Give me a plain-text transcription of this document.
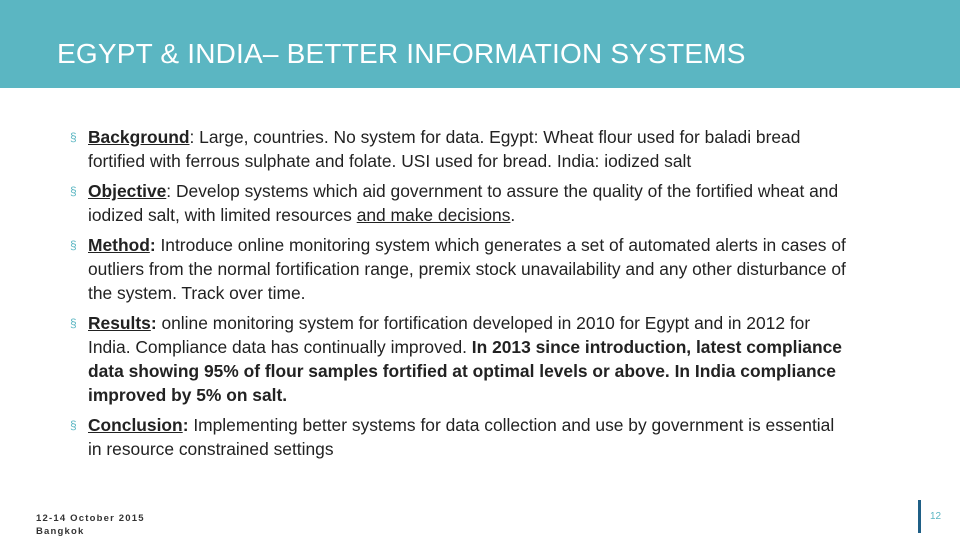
EGYPT & INDIA– BETTER INFORMATION SYSTEMS
§ Background: Large, countries. No system for data. Egypt: Wheat flour used for baladi bread fortified with ferrous sulphate and folate. USI used for bread. India: iodized salt
§ Objective: Develop systems which aid government to assure the quality of the fortified wheat and iodized salt, with limited resources and make decisions.
§ Method: Introduce online monitoring system which generates a set of automated alerts in cases of outliers from the normal fortification range, premix stock unavailability and any other disturbance of the system. Track over time.
§ Results: online monitoring system for fortification developed in 2010 for Egypt and in 2012 for India. Compliance data has continually improved. In 2013 since introduction, latest compliance data showing 95% of flour samples fortified at optimal levels or above. In India compliance improved by 5% on salt.
§ Conclusion: Implementing better systems for data collection and use by government is essential in resource constrained settings
12-14 October 2015
Bangkok
12
